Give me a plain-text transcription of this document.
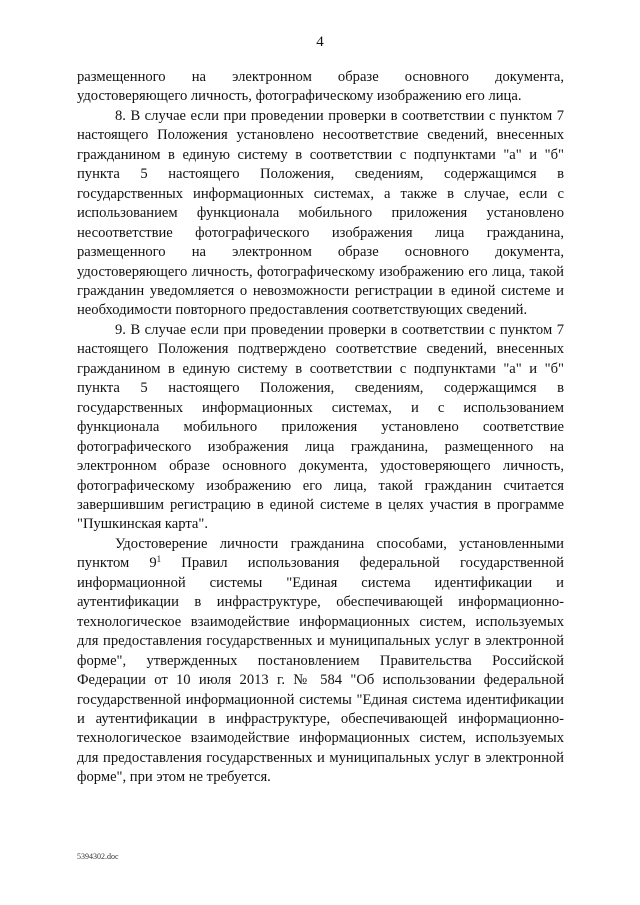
4

размещенного на электронном образе основного документа, удостоверяющего личность, фотографическому изображению его лица.

8. В случае если при проведении проверки в соответствии с пунктом 7 настоящего Положения установлено несоответствие сведений, внесенных гражданином в единую систему в соответствии с подпунктами "а" и "б" пункта 5 настоящего Положения, сведениям, содержащимся в государственных информационных системах, а также в случае, если с использованием функционала мобильного приложения установлено несоответствие фотографического изображения лица гражданина, размещенного на электронном образе основного документа, удостоверяющего личность, фотографическому изображению его лица, такой гражданин уведомляется о невозможности регистрации в единой системе и необходимости повторного предоставления соответствующих сведений.

9. В случае если при проведении проверки в соответствии с пунктом 7 настоящего Положения подтверждено соответствие сведений, внесенных гражданином в единую систему в соответствии с подпунктами "а" и "б" пункта 5 настоящего Положения, сведениям, содержащимся в государственных информационных системах, и с использованием функционала мобильного приложения установлено соответствие фотографического изображения лица гражданина, размещенного на электронном образе основного документа, удостоверяющего личность, фотографическому изображению его лица, такой гражданин считается завершившим регистрацию в единой системе в целях участия в программе "Пушкинская карта".

Удостоверение личности гражданина способами, установленными пунктом $9^1$ Правил использования федеральной государственной информационной системы "Единая система идентификации и аутентификации в инфраструктуре, обеспечивающей информационно-технологическое взаимодействие информационных систем, используемых для предоставления государственных и муниципальных услуг в электронной форме", утвержденных постановлением Правительства Российской Федерации от 10 июля 2013 г. № 584 "Об использовании федеральной государственной информационной системы "Единая система идентификации и аутентификации в инфраструктуре, обеспечивающей информационно-технологическое взаимодействие информационных систем, используемых для предоставления государственных и муниципальных услуг в электронной форме", при этом не требуется.

5394302.doc
